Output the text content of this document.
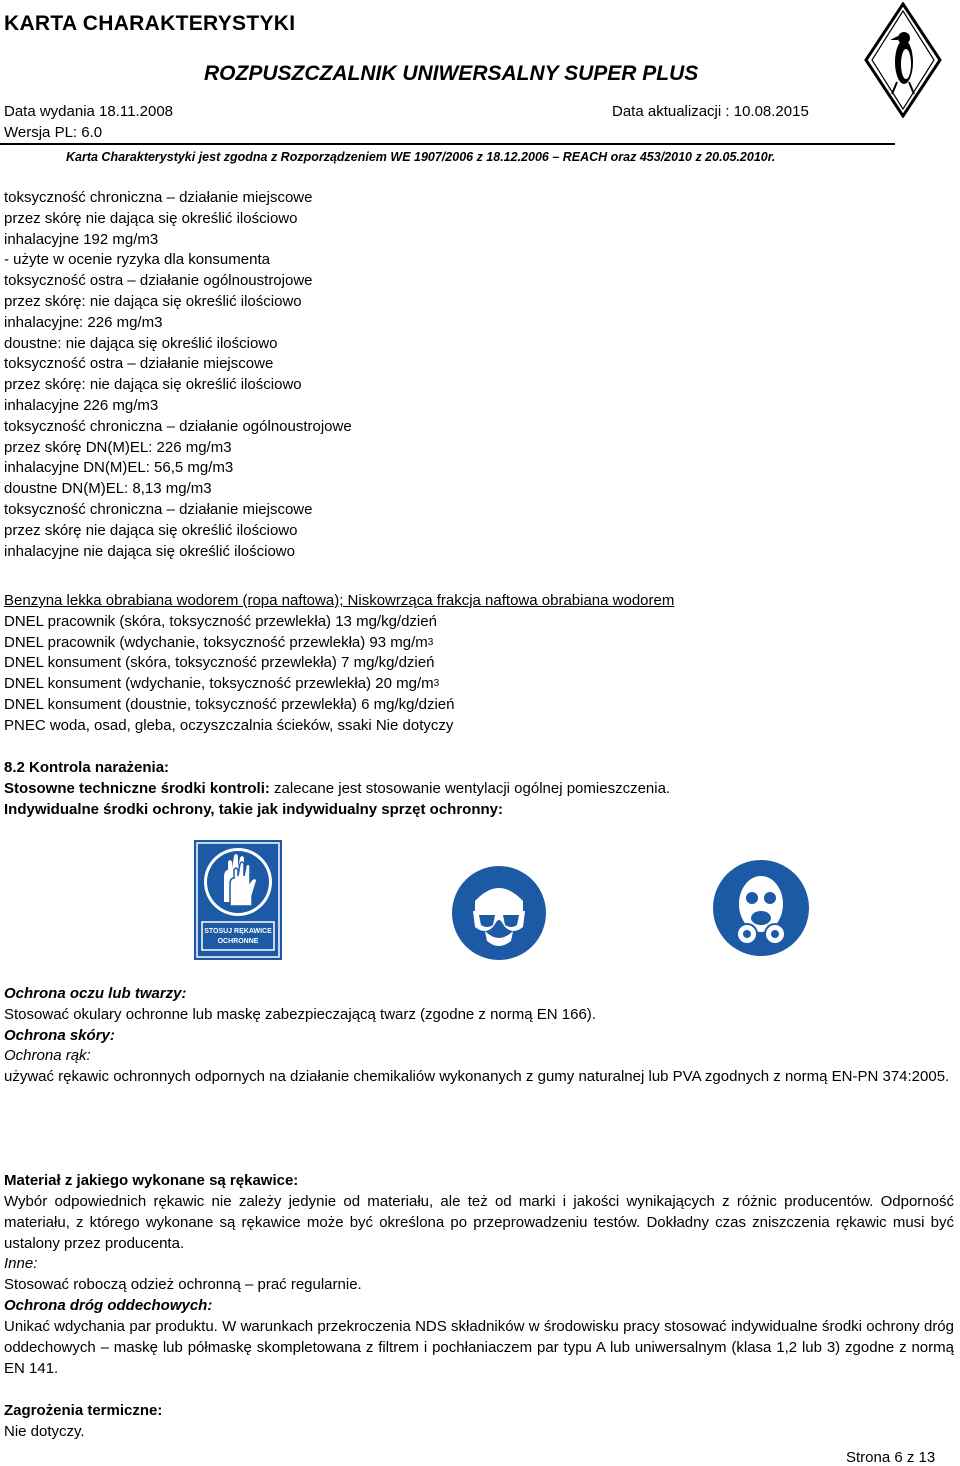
KARTA CHARAKTERYSTYKI
ROZPUSZCZALNIK UNIWERSALNY SUPER PLUS
Data wydania 18.11.2008	Data aktualizacji : 10.08.2015
Wersja PL: 6.0
Karta Charakterystyki jest zgodna z Rozporządzeniem WE 1907/2006 z 18.12.2006 – REACH oraz 453/2010 z 20.05.2010r.
toksyczność chroniczna – działanie miejscowe
przez skórę nie dająca się określić ilościowo
inhalacyjne 192 mg/m3
- użyte w ocenie ryzyka dla konsumenta
toksyczność ostra – działanie ogólnoustrojowe
przez skórę: nie dająca się określić ilościowo
inhalacyjne: 226 mg/m3
doustne: nie dająca się określić ilościowo
toksyczność ostra – działanie miejscowe
przez skórę: nie dająca się określić ilościowo
inhalacyjne 226 mg/m3
toksyczność chroniczna – działanie ogólnoustrojowe
przez skórę DN(M)EL: 226 mg/m3
inhalacyjne DN(M)EL: 56,5 mg/m3
doustne DN(M)EL: 8,13 mg/m3
toksyczność chroniczna – działanie miejscowe
przez skórę nie dająca się określić ilościowo
inhalacyjne nie dająca się określić ilościowo
Benzyna lekka obrabiana wodorem (ropa naftowa); Niskowrząca frakcja naftowa obrabiana wodorem
DNEL pracownik (skóra, toksyczność przewlekła) 13 mg/kg/dzień
DNEL pracownik (wdychanie, toksyczność przewlekła) 93 $mg/m^3$
DNEL konsument (skóra, toksyczność przewlekła) 7 mg/kg/dzień
DNEL konsument (wdychanie, toksyczność przewlekła) 20 $mg/m^3$
DNEL konsument (doustnie, toksyczność przewlekła) 6 mg/kg/dzień
PNEC woda, osad, gleba, oczyszczalnia ścieków, ssaki Nie dotyczy
8.2 Kontrola narażenia:
Stosowne techniczne środki kontroli: zalecane jest stosowanie wentylacji ogólnej pomieszczenia.
Indywidualne środki ochrony, takie jak indywidualny sprzęt ochronny:
STOSUJ RĘKAWICE
OCHRONNE
Ochrona oczu lub twarzy:
Stosować okulary ochronne lub maskę zabezpieczającą twarz (zgodne z normą EN 166).
Ochrona skóry:
Ochrona rąk:
używać rękawic ochronnych odpornych na działanie chemikaliów wykonanych z gumy naturalnej lub PVA zgodnych z normą EN-PN 374:2005.
Materiał z jakiego wykonane są rękawice:
Wybór odpowiednich rękawic nie zależy jedynie od materiału, ale też od marki i jakości wynikających z różnic producentów. Odporność materiału, z którego wykonane są rękawice może być określona po przeprowadzeniu testów. Dokładny czas zniszczenia rękawic musi być ustalony przez producenta.
Inne:
Stosować roboczą odzież ochronną – prać regularnie.
Ochrona dróg oddechowych:
Unikać wdychania par produktu. W warunkach przekroczenia NDS składników w środowisku pracy stosować indywidualne środki ochrony dróg oddechowych – maskę lub półmaskę skompletowana z filtrem i pochłaniaczem par typu A lub uniwersalnym (klasa 1,2 lub 3) zgodne z normą EN 141.
Zagrożenia termiczne:
Nie dotyczy.
Strona 6 z 13
